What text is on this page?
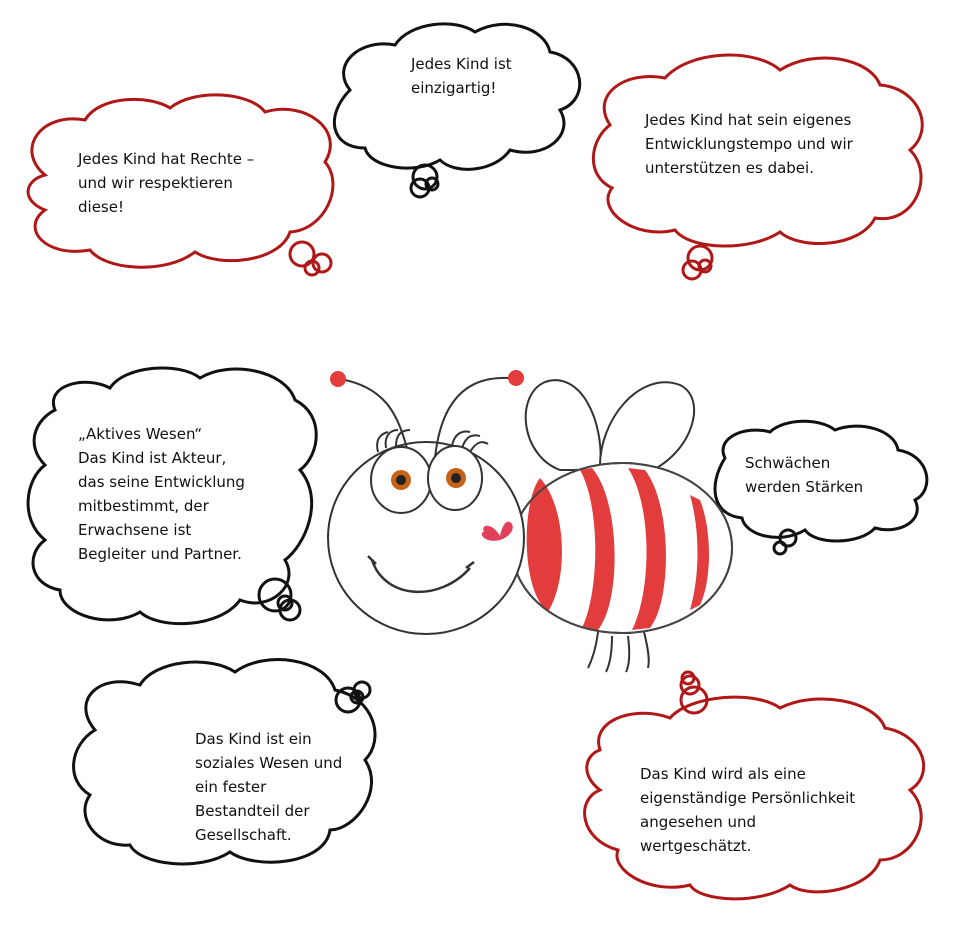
Jedes Kind hat Rechte –
und wir respektieren
diese!
Jedes Kind ist
einzigartig!
Jedes Kind hat sein eigenes
Entwicklungstempo und wir
unterstützen es dabei.
„Aktives Wesen“
Das Kind ist Akteur,
das seine Entwicklung
mitbestimmt, der
Erwachsene ist
Begleiter und Partner.
Schwächen
werden Stärken
Das Kind ist ein
soziales Wesen und
ein fester
Bestandteil der
Gesellschaft.
Das Kind wird als eine
eigenständige Persönlichkeit
angesehen und
wertgeschätzt.
